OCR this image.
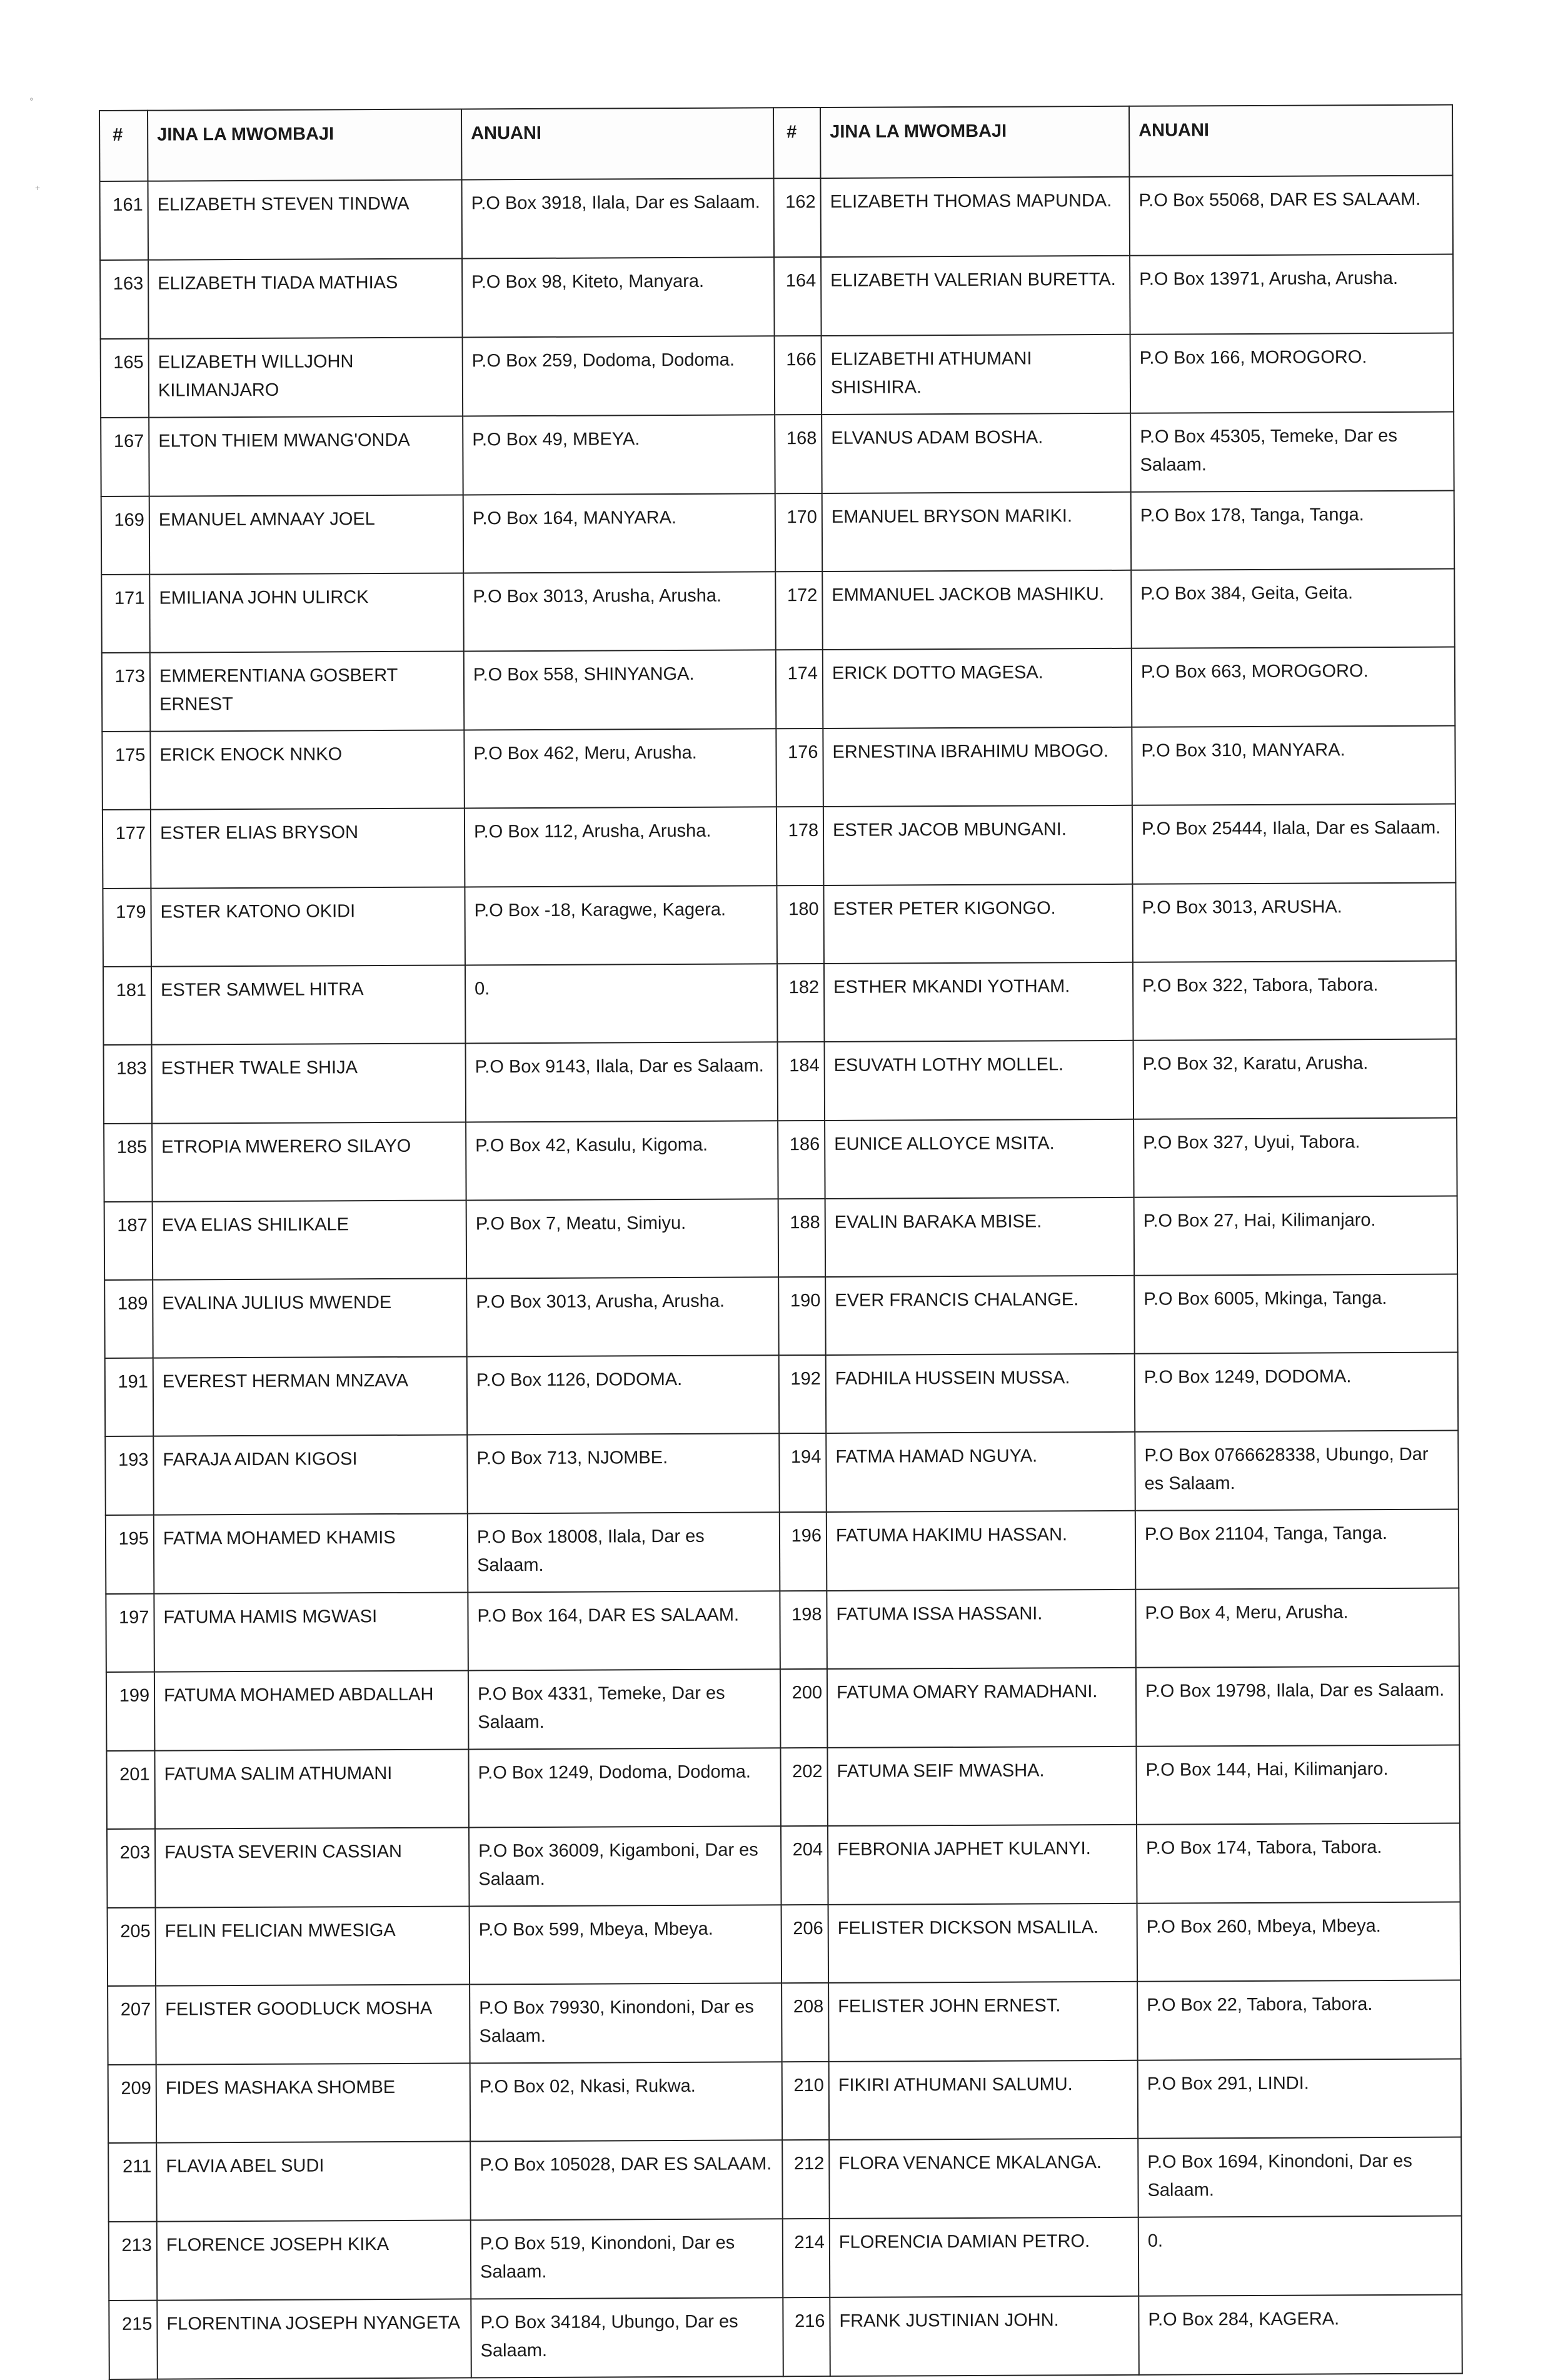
∘
+
#	JINA LA MWOMBAJI	ANUANI	#	JINA LA MWOMBAJI	ANUANI
161	ELIZABETH STEVEN TINDWA	P.O Box 3918, Ilala, Dar es Salaam.	162	ELIZABETH THOMAS MAPUNDA.	P.O Box 55068, DAR ES SALAAM.
163	ELIZABETH TIADA MATHIAS	P.O Box 98, Kiteto, Manyara.	164	ELIZABETH VALERIAN BURETTA.	P.O Box 13971, Arusha, Arusha.
165	ELIZABETH WILLJOHN KILIMANJARO	P.O Box 259, Dodoma, Dodoma.	166	ELIZABETHI ATHUMANI SHISHIRA.	P.O Box 166, MOROGORO.
167	ELTON THIEM MWANG'ONDA	P.O Box 49, MBEYA.	168	ELVANUS ADAM BOSHA.	P.O Box 45305, Temeke, Dar es Salaam.
169	EMANUEL AMNAAY JOEL	P.O Box 164, MANYARA.	170	EMANUEL BRYSON MARIKI.	P.O Box 178, Tanga, Tanga.
171	EMILIANA JOHN ULIRCK	P.O Box 3013, Arusha, Arusha.	172	EMMANUEL JACKOB MASHIKU.	P.O Box 384, Geita, Geita.
173	EMMERENTIANA GOSBERT ERNEST	P.O Box 558, SHINYANGA.	174	ERICK DOTTO MAGESA.	P.O Box 663, MOROGORO.
175	ERICK ENOCK NNKO	P.O Box 462, Meru, Arusha.	176	ERNESTINA IBRAHIMU MBOGO.	P.O Box 310, MANYARA.
177	ESTER ELIAS BRYSON	P.O Box 112, Arusha, Arusha.	178	ESTER JACOB MBUNGANI.	P.O Box 25444, Ilala, Dar es Salaam.
179	ESTER KATONO OKIDI	P.O Box -18, Karagwe, Kagera.	180	ESTER PETER KIGONGO.	P.O Box 3013, ARUSHA.
181	ESTER SAMWEL HITRA	0.	182	ESTHER MKANDI YOTHAM.	P.O Box 322, Tabora, Tabora.
183	ESTHER TWALE SHIJA	P.O Box 9143, Ilala, Dar es Salaam.	184	ESUVATH LOTHY MOLLEL.	P.O Box 32, Karatu, Arusha.
185	ETROPIA MWERERO SILAYO	P.O Box 42, Kasulu, Kigoma.	186	EUNICE ALLOYCE MSITA.	P.O Box 327, Uyui, Tabora.
187	EVA ELIAS SHILIKALE	P.O Box 7, Meatu, Simiyu.	188	EVALIN BARAKA MBISE.	P.O Box 27, Hai, Kilimanjaro.
189	EVALINA JULIUS MWENDE	P.O Box 3013, Arusha, Arusha.	190	EVER FRANCIS CHALANGE.	P.O Box 6005, Mkinga, Tanga.
191	EVEREST HERMAN MNZAVA	P.O Box 1126, DODOMA.	192	FADHILA HUSSEIN MUSSA.	P.O Box 1249, DODOMA.
193	FARAJA AIDAN KIGOSI	P.O Box 713, NJOMBE.	194	FATMA HAMAD NGUYA.	P.O Box 0766628338, Ubungo, Dar es Salaam.
195	FATMA MOHAMED KHAMIS	P.O Box 18008, Ilala, Dar es Salaam.	196	FATUMA HAKIMU HASSAN.	P.O Box 21104, Tanga, Tanga.
197	FATUMA HAMIS MGWASI	P.O Box 164, DAR ES SALAAM.	198	FATUMA ISSA HASSANI.	P.O Box 4, Meru, Arusha.
199	FATUMA MOHAMED ABDALLAH	P.O Box 4331, Temeke, Dar es Salaam.	200	FATUMA OMARY RAMADHANI.	P.O Box 19798, Ilala, Dar es Salaam.
201	FATUMA SALIM ATHUMANI	P.O Box 1249, Dodoma, Dodoma.	202	FATUMA SEIF MWASHA.	P.O Box 144, Hai, Kilimanjaro.
203	FAUSTA SEVERIN CASSIAN	P.O Box 36009, Kigamboni, Dar es Salaam.	204	FEBRONIA JAPHET KULANYI.	P.O Box 174, Tabora, Tabora.
205	FELIN FELICIAN MWESIGA	P.O Box 599, Mbeya, Mbeya.	206	FELISTER DICKSON MSALILA.	P.O Box 260, Mbeya, Mbeya.
207	FELISTER GOODLUCK MOSHA	P.O Box 79930, Kinondoni, Dar es Salaam.	208	FELISTER JOHN ERNEST.	P.O Box 22, Tabora, Tabora.
209	FIDES MASHAKA SHOMBE	P.O Box 02, Nkasi, Rukwa.	210	FIKIRI ATHUMANI SALUMU.	P.O Box 291, LINDI.
211	FLAVIA ABEL SUDI	P.O Box 105028, DAR ES SALAAM.	212	FLORA VENANCE MKALANGA.	P.O Box 1694, Kinondoni, Dar es Salaam.
213	FLORENCE JOSEPH KIKA	P.O Box 519, Kinondoni, Dar es Salaam.	214	FLORENCIA DAMIAN PETRO.	0.
215	FLORENTINA JOSEPH NYANGETA	P.O Box 34184, Ubungo, Dar es Salaam.	216	FRANK JUSTINIAN JOHN.	P.O Box 284, KAGERA.
